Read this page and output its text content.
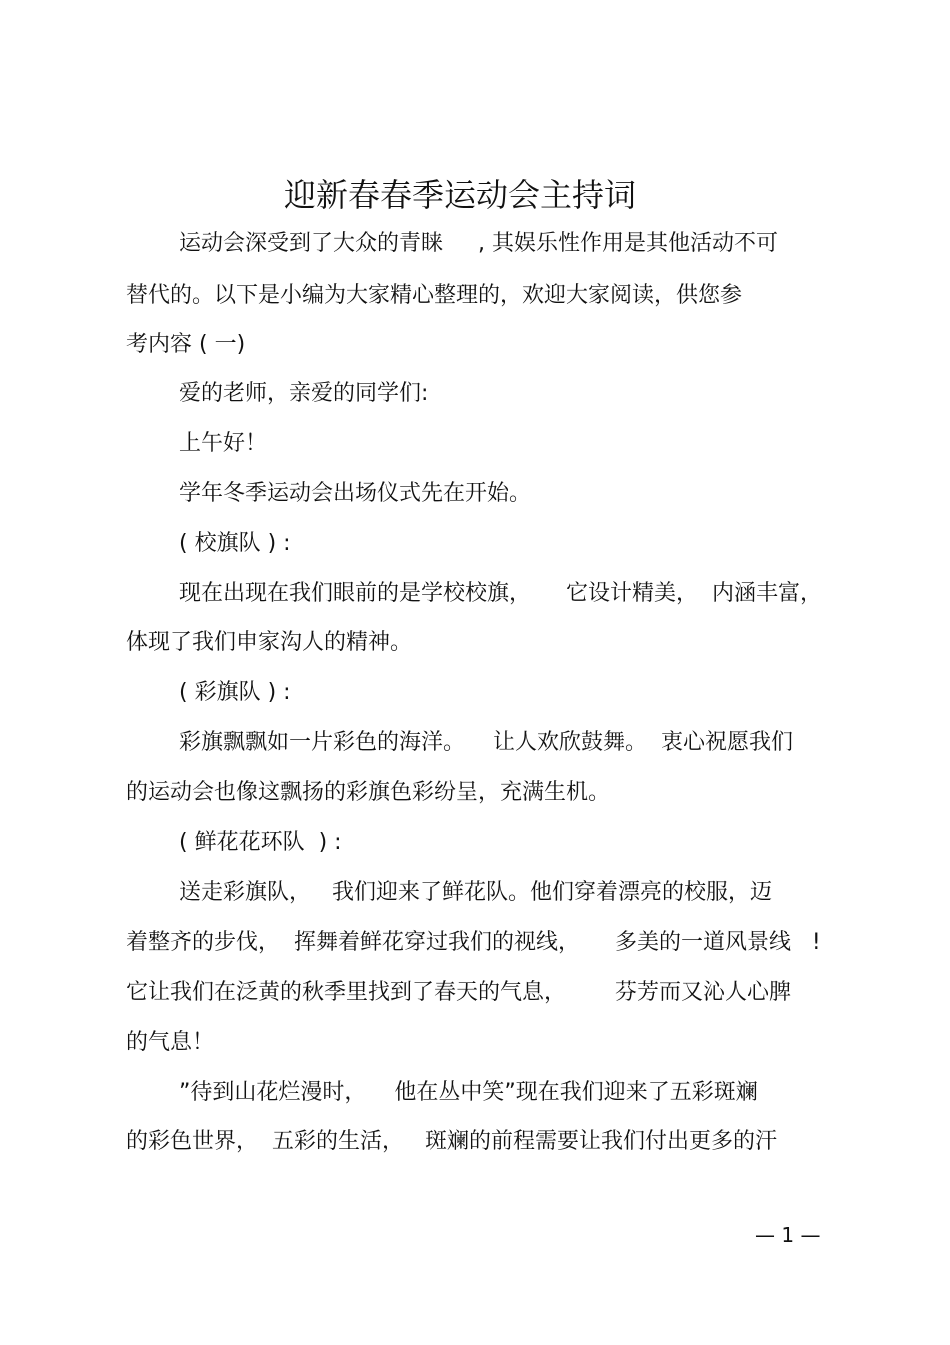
迎新春春季运动会主持词
运动会深受到了大众的青睐     , 其娱乐性作用是其他活动不可
替代的。以下是小编为大家精心整理的，欢迎大家阅读，供您参
考内容 ( 一)
爱的老师，亲爱的同学们:
上午好！
学年冬季运动会出场仪式先在开始。
( 校旗队 ) :
现在出现在我们眼前的是学校校旗，     它设计精美，  内涵丰富，
体现了我们申家沟人的精神。
( 彩旗队 ) :
彩旗飘飘如一片彩色的海洋。    让人欢欣鼓舞。  衷心祝愿我们
的运动会也像这飘扬的彩旗色彩纷呈，充满生机。
( 鲜花花环队  ) :
送走彩旗队，   我们迎来了鲜花队。他们穿着漂亮的校服，迈
着整齐的步伐，  挥舞着鲜花穿过我们的视线，     多美的一道风景线   !
它让我们在泛黄的秋季里找到了春天的气息，       芬芳而又沁人心脾
的气息！
”待到山花烂漫时，    他在丛中笑”现在我们迎来了五彩斑斓
的彩色世界，  五彩的生活，   斑斓的前程需要让我们付出更多的汗
— 1 —
